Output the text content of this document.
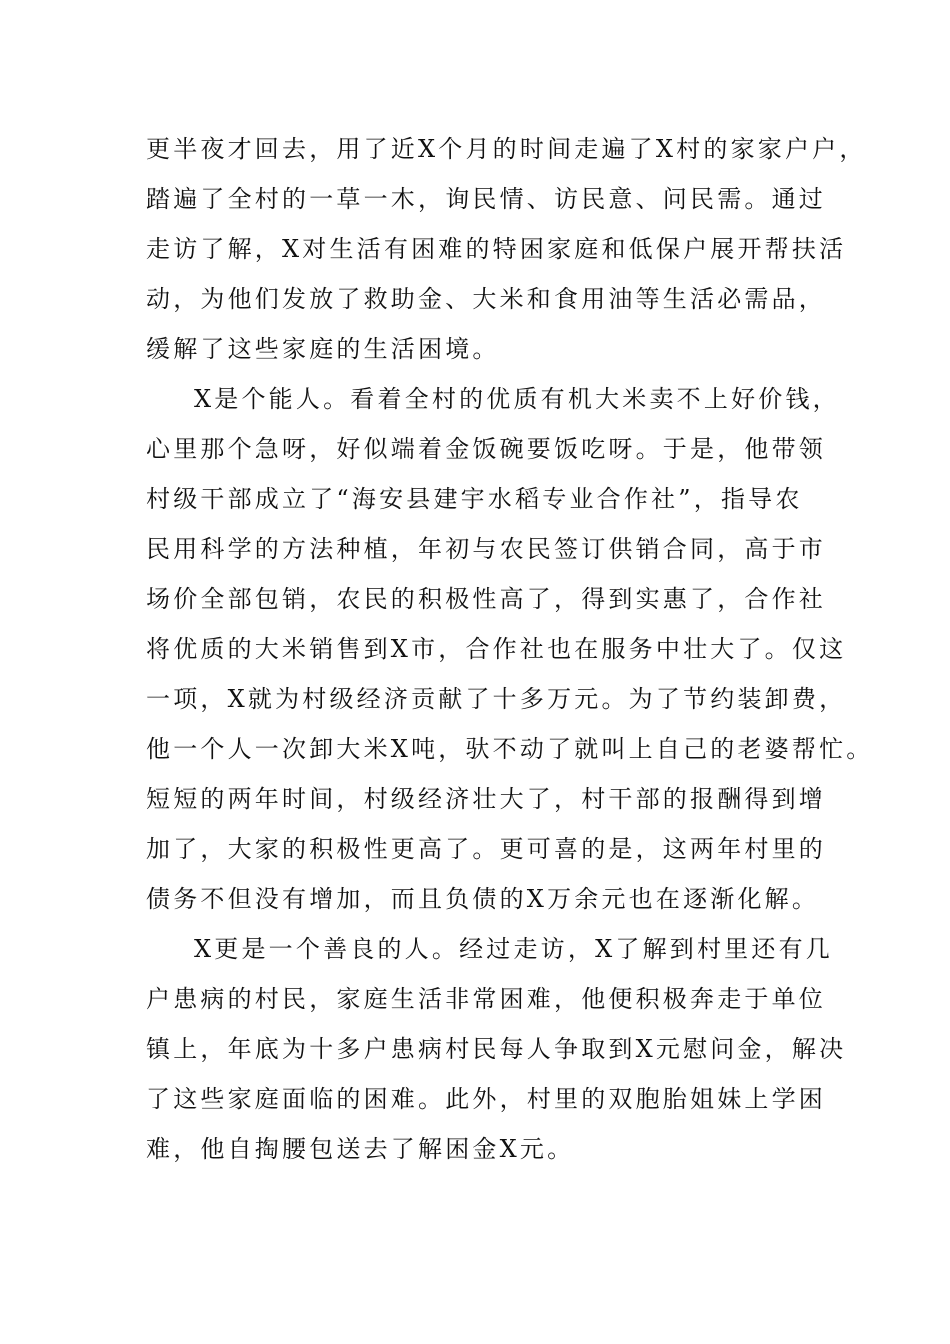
更半夜才回去，用了近X个月的时间走遍了X村的家家户户，
踏遍了全村的一草一木，询民情、访民意、问民需。通过
走访了解，X对生活有困难的特困家庭和低保户展开帮扶活
动，为他们发放了救助金、大米和食用油等生活必需品，
缓解了这些家庭的生活困境。
X是个能人。看着全村的优质有机大米卖不上好价钱，
心里那个急呀，好似端着金饭碗要饭吃呀。于是，他带领
村级干部成立了“海安县建宇水稻专业合作社”，指导农
民用科学的方法种植，年初与农民签订供销合同，高于市
场价全部包销，农民的积极性高了，得到实惠了，合作社
将优质的大米销售到X市，合作社也在服务中壮大了。仅这
一项，X就为村级经济贡献了十多万元。为了节约装卸费，
他一个人一次卸大米X吨，驮不动了就叫上自己的老婆帮忙。
短短的两年时间，村级经济壮大了，村干部的报酬得到增
加了，大家的积极性更高了。更可喜的是，这两年村里的
债务不但没有增加，而且负债的X万余元也在逐渐化解。
X更是一个善良的人。经过走访，X了解到村里还有几
户患病的村民，家庭生活非常困难，他便积极奔走于单位
镇上，年底为十多户患病村民每人争取到X元慰问金，解决
了这些家庭面临的困难。此外，村里的双胞胎姐妹上学困
难，他自掏腰包送去了解困金X元。
